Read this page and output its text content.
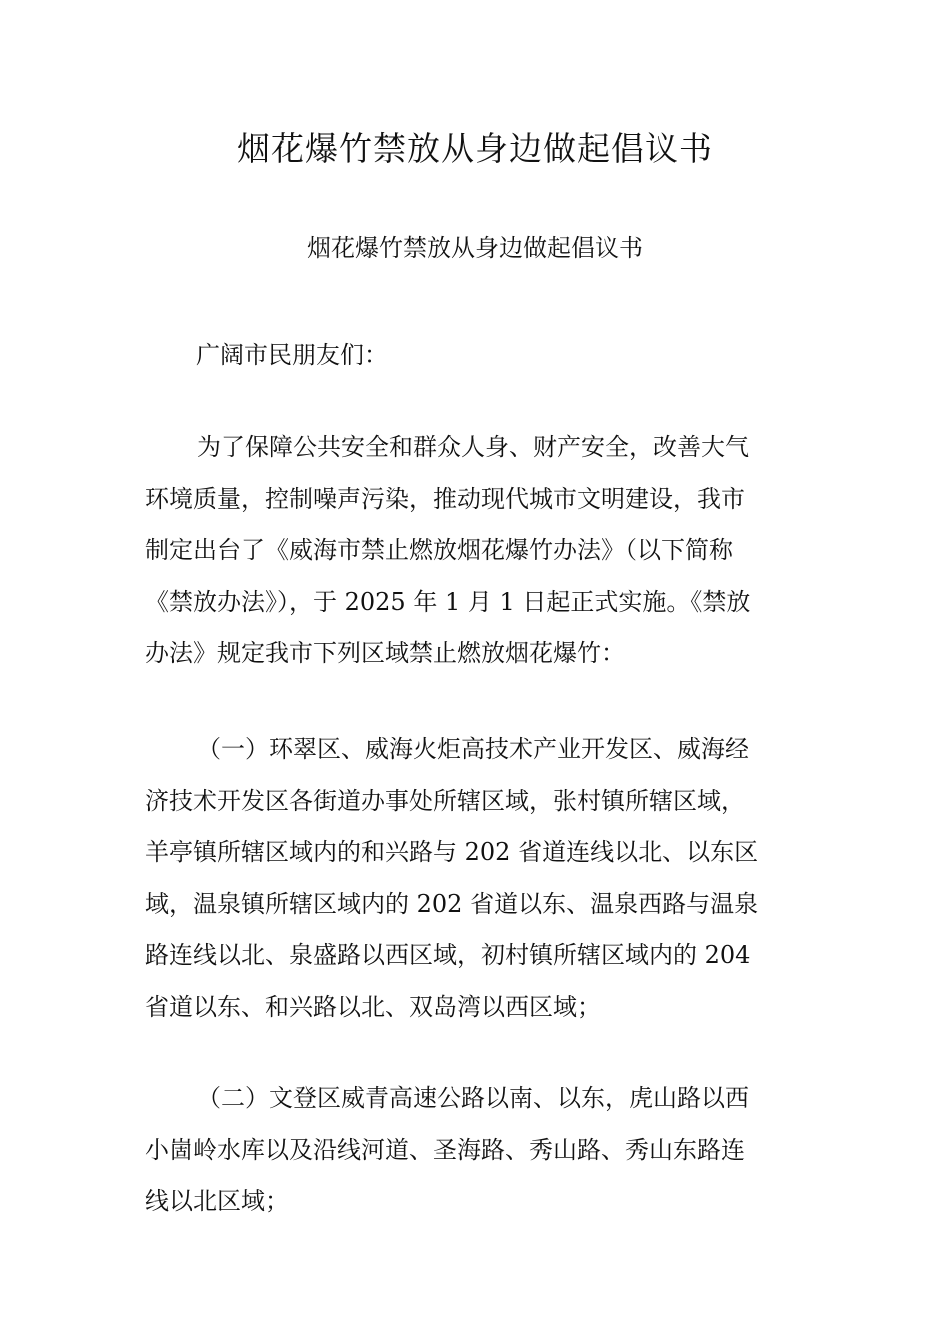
烟花爆竹禁放从身边做起倡议书

烟花爆竹禁放从身边做起倡议书

广阔市民朋友们：

为了保障公共安全和群众人身、财产安全，改善大气
环境质量，控制噪声污染，推动现代城市文明建设，我市
制定出台了《威海市禁止燃放烟花爆竹办法》（以下简称
《禁放办法》），于 2025 年 1 月 1 日起正式实施。《禁放
办法》规定我市下列区域禁止燃放烟花爆竹：

（一）环翠区、威海火炬高技术产业开发区、威海经
济技术开发区各街道办事处所辖区域，张村镇所辖区域，
羊亭镇所辖区域内的和兴路与 202 省道连线以北、以东区
域，温泉镇所辖区域内的 202 省道以东、温泉西路与温泉
路连线以北、泉盛路以西区域，初村镇所辖区域内的 204
省道以东、和兴路以北、双岛湾以西区域；

（二）文登区威青高速公路以南、以东，虎山路以西
小崮岭水库以及沿线河道、圣海路、秀山路、秀山东路连
线以北区域；
